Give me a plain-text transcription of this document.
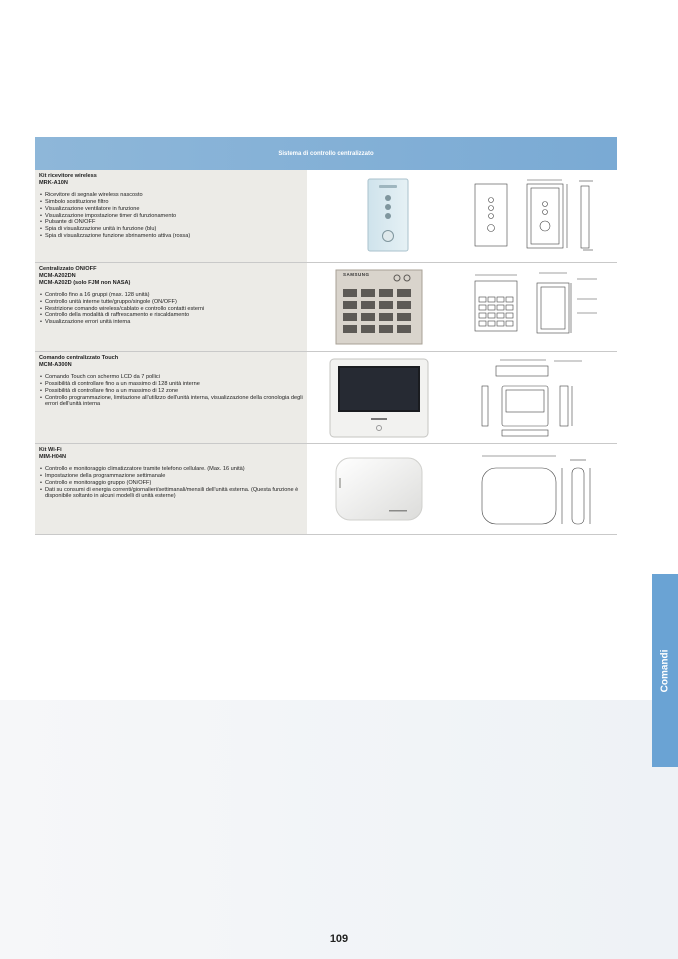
Sistema di controllo centralizzato
Kit ricevitore wireless
MRK-A10N
• Ricevitore di segnale wireless nascosto
• Simbolo sostituzione filtro
• Visualizzazione ventilatore in funzione
• Visualizzazione impostazione timer di funzionamento
• Pulsante di ON/OFF
• Spia di visualizzazione unità in funzione (blu)
• Spia di visualizzazione funzione sbrinamento attiva (rossa)
Centralizzato ON/OFF
MCM-A202DN
MCM-A202D (solo FJM non NASA)
• Controllo fino a 16 gruppi (max. 128 unità)
• Controllo unità interne tutte/gruppo/singole (ON/OFF)
• Restrizione comando wireless/cablato e controllo contatti esterni
• Controllo della modalità di raffrescamento e riscaldamento
• Visualizzazione errori unità interna
SAMSUNG
Comando centralizzato Touch
MCM-A300N
• Comando Touch con schermo LCD da 7 pollici
• Possibilità di controllare fino a un massimo di 128 unità interne
• Possibilità di controllare fino a un massimo di 12 zone
• Controllo programmazione, limitazione all'utilizzo dell'unità interna, visualizzazione della cronologia degli errori dell'unità interna
Kit Wi-Fi
MIM-H04N
• Controllo e monitoraggio climatizzatore tramite telefono cellulare. (Max. 16 unità)
• Impostazione della programmazione settimanale
• Controllo e monitoraggio gruppo (ON/OFF)
• Dati su consumi di energia correnti/giornalieri/settimanali/mensili dell'unità esterna. (Questa funzione è disponibile soltanto in alcuni modelli di unità esterne)
Comandi
109
